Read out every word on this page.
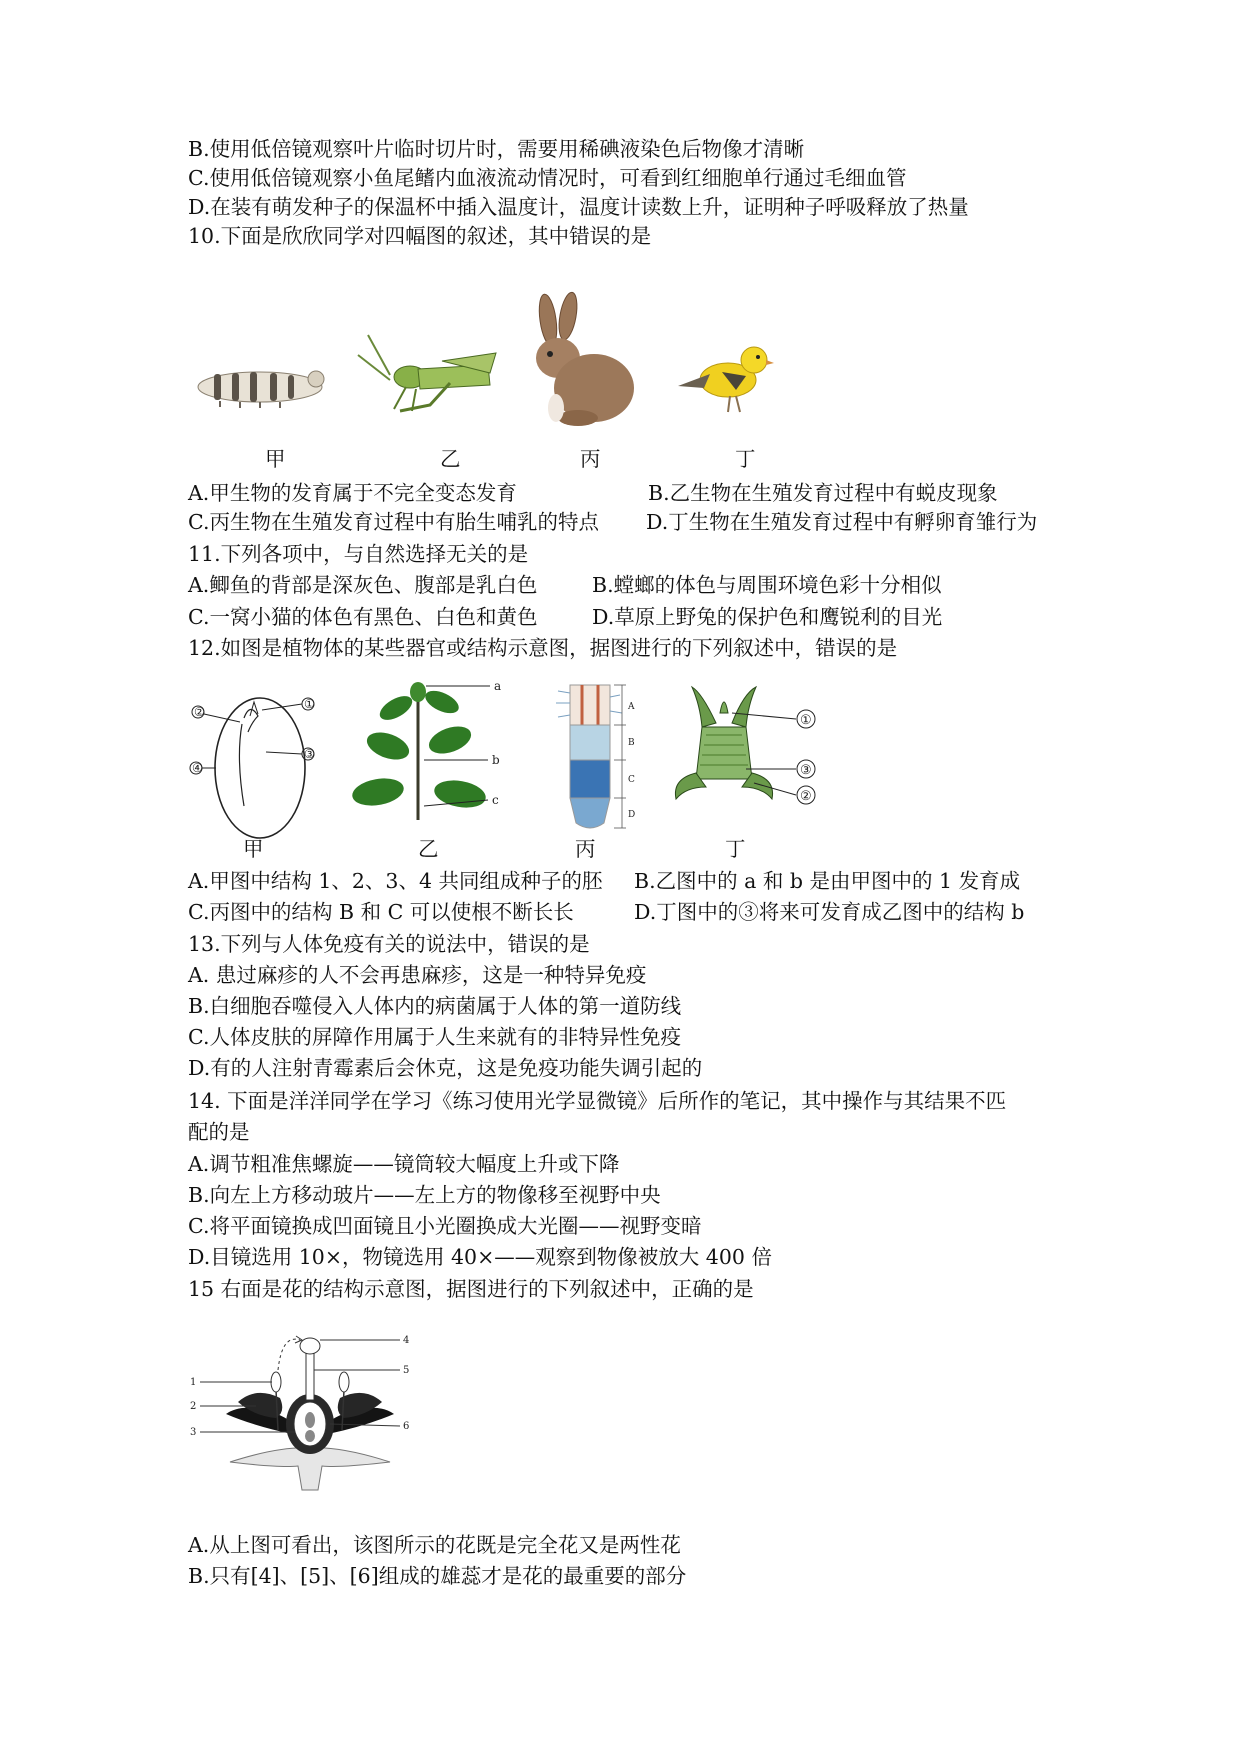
B.使用低倍镜观察叶片临时切片时，需要用稀碘液染色后物像才清晰
C.使用低倍镜观察小鱼尾鳍内血液流动情况时，可看到红细胞单行通过毛细血管
D.在装有萌发种子的保温杯中插入温度计，温度计读数上升，证明种子呼吸释放了热量
10.下面是欣欣同学对四幅图的叙述，其中错误的是
甲	乙	丙	丁
A.甲生物的发育属于不完全变态发育	B.乙生物在生殖发育过程中有蜕皮现象
C.丙生物在生殖发育过程中有胎生哺乳的特点 D.丁生物在生殖发育过程中有孵卵育雏行为
11.下列各项中，与自然选择无关的是
A.鲫鱼的背部是深灰色、腹部是乳白色	B.螳螂的体色与周围环境色彩十分相似
C.一窝小猫的体色有黑色、白色和黄色	D.草原上野兔的保护色和鹰锐利的目光
12.如图是植物体的某些器官或结构示意图，据图进行的下列叙述中，错误的是
②
①
③
④
a
b
c
A
B
C
D
①
③
②
甲	乙	丙	丁
A.甲图中结构 1、2、3、4 共同组成种子的胚 B.乙图中的 a 和 b 是由甲图中的 1 发育成
C.丙图中的结构 B 和 C 可以使根不断长长	D.丁图中的③将来可发育成乙图中的结构 b
13.下列与人体免疫有关的说法中，错误的是
A. 患过麻疹的人不会再患麻疹，这是一种特异免疫
B.白细胞吞噬侵入人体内的病菌属于人体的第一道防线
C.人体皮肤的屏障作用属于人生来就有的非特异性免疫
D.有的人注射青霉素后会休克，这是免疫功能失调引起的
14. 下面是洋洋同学在学习《练习使用光学显微镜》后所作的笔记，其中操作与其结果不匹
配的是
A.调节粗准焦螺旋——镜筒较大幅度上升或下降
B.向左上方移动玻片——左上方的物像移至视野中央
C.将平面镜换成凹面镜且小光圈换成大光圈——视野变暗
D.目镜选用 10×，物镜选用 40×——观察到物像被放大 400 倍
15 右面是花的结构示意图，据图进行的下列叙述中，正确的是
1
2
3
4
5
6
A.从上图可看出，该图所示的花既是完全花又是两性花
B.只有[4]、[5]、[6]组成的雄蕊才是花的最重要的部分
